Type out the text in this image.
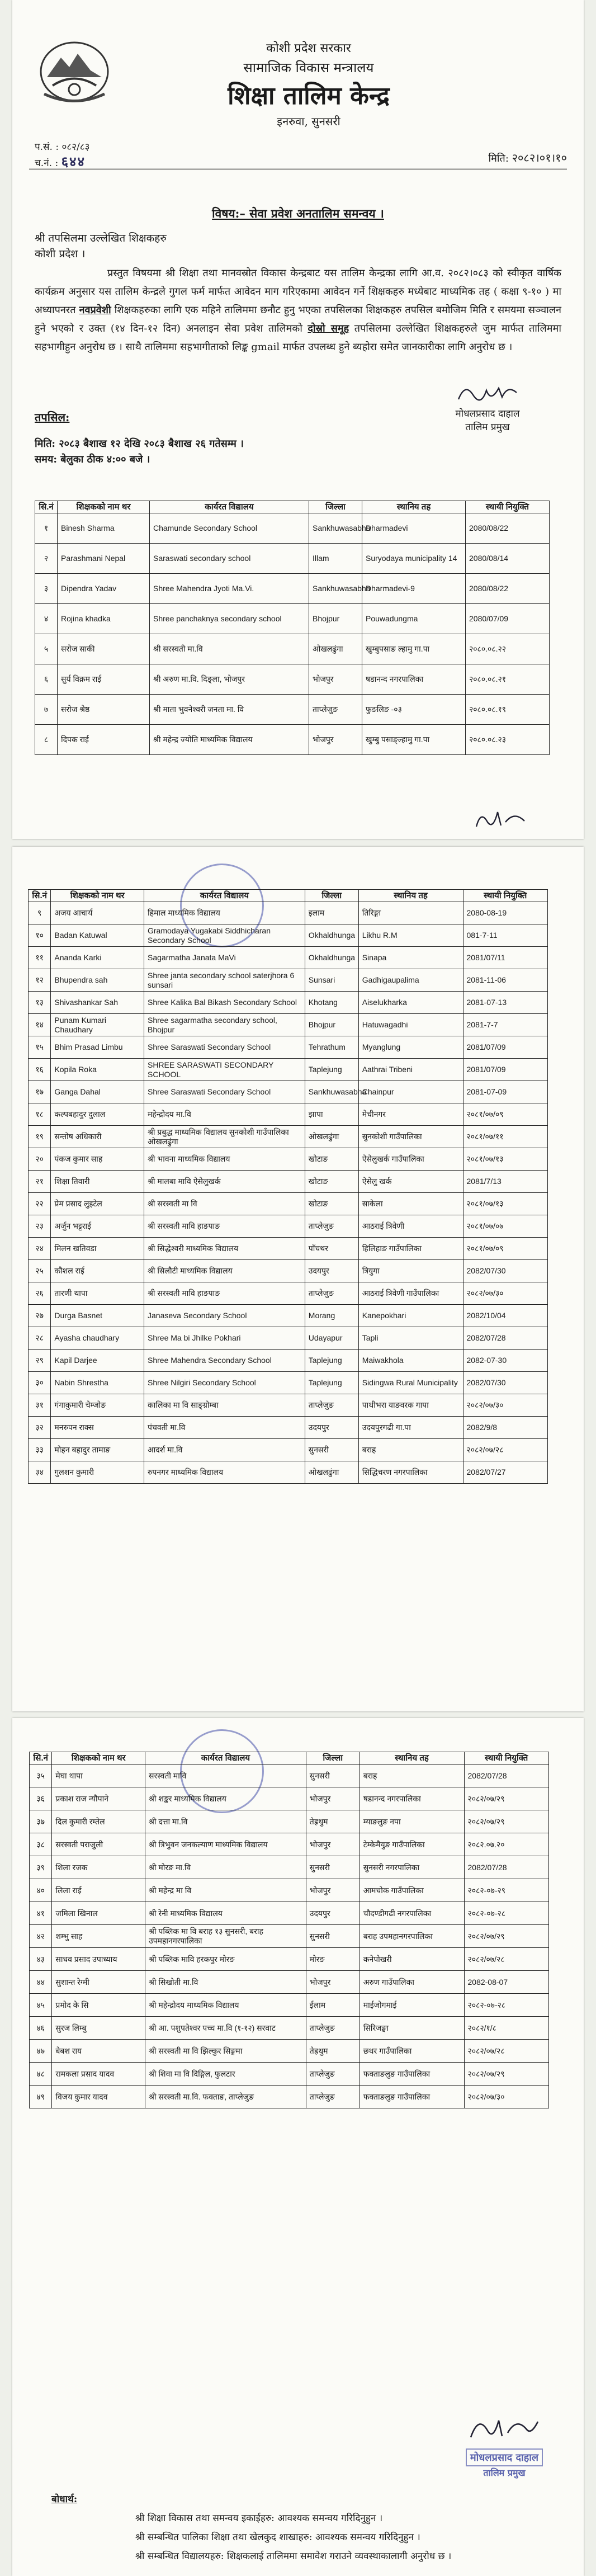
कोशी प्रदेश सरकार
सामाजिक विकास मन्त्रालय
शिक्षा तालिम केन्द्र
इनरुवा, सुनसरी
प.सं. : ०८२/८३
च.नं. : ६४४	मिति: २०८२।०१।१०
विषय:– सेवा प्रवेश अनतालिम समन्वय ।
श्री तपसिलमा उल्लेखित शिक्षकहरु
कोशी प्रदेश ।
प्रस्तुत विषयमा श्री शिक्षा तथा मानवस्रोत विकास केन्द्रबाट यस तालिम केन्द्रका लागि आ.व. २०८२।०८३ को स्वीकृत वार्षिक कार्यक्रम अनुसार यस तालिम केन्द्रले गुगल फर्म मार्फत आवेदन माग गरिएकामा आवेदन गर्ने शिक्षकहरु मध्येबाट माध्यमिक तह ( कक्षा ९-१० ) मा अध्यापनरत नवप्रवेशी शिक्षकहरुका लागि एक महिने तालिममा छनौट हुनु भएका तपसिलका शिक्षकहरु तपसिल बमोजिम मिति र समयमा सञ्चालन हुने भएको र उक्त (१४ दिन-१२ दिन) अनलाइन सेवा प्रवेश तालिमको दोस्रो समूह तपसिलमा उल्लेखित शिक्षकहरुले जुम मार्फत तालिममा सहभागीहुन अनुरोध छ । साथै तालिममा सहभागीताको लिङ्क gmail मार्फत उपलब्ध हुने ब्यहोरा समेत जानकारीका लागि अनुरोध छ ।
मोधलप्रसाद दाहाल
तालिम प्रमुख
तपसिल:
मिति: २०८३ बैशाख १२ देखि २०८३ बैशाख २६ गतेसम्म ।
समय: बेलुका ठीक ४:०० बजे ।
सि.नं	शिक्षकको नाम थर	कार्यरत विद्यालय	जिल्ला	स्थानिय तह	स्थायी नियुक्ति
१	Binesh Sharma	Chamunde Secondary School	Sankhuwasabha	Dharmadevi	2080/08/22
२	Parashmani Nepal	Saraswati secondary school	Illam	Suryodaya municipality 14	2080/08/14
३	Dipendra Yadav	Shree Mahendra Jyoti Ma.Vi.	Sankhuwasabha	Dharmadevi-9	2080/08/22
४	Rojina khadka	Shree panchaknya secondary school	Bhojpur	Pouwadungma	2080/07/09
५	सरोज साकी	श्री सरस्वती मा.वि	ओखलढुंगा	खुम्बुपसाङ ल्हामु गा.पा	२०८०.०८.२२
६	सुर्य विक्रम राई	श्री अरुण मा.वि. दिङ्ला, भोजपुर	भोजपुर	षडानन्द नगरपालिका	२०८०.०८.२१
७	सरोज श्रेष्ठ	श्री माता भुवनेश्वरी जनता मा. वि	ताप्लेजुङ	फुङलिङ -०३	२०८०.०८.१९
८	दिपक राई	श्री महेन्द्र ज्योति माध्यमिक विद्यालय	भोजपुर	खुम्बु पसाङ्ल्हामु गा.पा	२०८०.०८.२३
सि.नं	शिक्षकको नाम थर	कार्यरत विद्यालय	जिल्ला	स्थानिय तह	स्थायी नियुक्ति
९	अजय आचार्य	हिमाल माध्यमिक विद्यालय	इलाम	तिरिङ्गा	2080-08-19
१०	Badan Katuwal	Gramodaya Yugakabi Siddhicharan Secondary School	Okhaldhunga	Likhu R.M	081-7-11
११	Ananda Karki	Sagarmatha Janata MaVi	Okhaldhunga	Sinapa	2081/07/11
१२	Bhupendra sah	Shree janta secondary school saterjhora 6 sunsari	Sunsari	Gadhigaupalima	2081-11-06
१३	Shivashankar Sah	Shree Kalika Bal Bikash Secondary School	Khotang	Aiselukharka	2081-07-13
१४	Punam Kumari Chaudhary	Shree sagarmatha secondary school, Bhojpur	Bhojpur	Hatuwagadhi	2081-7-7
१५	Bhim Prasad Limbu	Shree Saraswati Secondary School	Tehrathum	Myanglung	2081/07/09
१६	Kopila Roka	SHREE SARASWATI SECONDARY SCHOOL	Taplejung	Aathrai Tribeni	2081/07/09
१७	Ganga Dahal	Shree Saraswati Secondary School	Sankhuwasabha	Chainpur	2081-07-09
१८	कल्पबहादुर दुलाल	महेन्द्रोदय मा.वि	झापा	मेचीनगर	२०८१/०७/०९
१९	सन्तोष अधिकारी	श्री प्रबुद्ध माध्यमिक विद्यालय सुनकोशी गाउँपालिका ओखलढुंगा	ओखलढुंगा	सुनकोशी गाउँपालिका	२०८१/०७/११
२०	पंकज कुमार साह	श्री भावना माध्यमिक विद्यालय	खोटाङ	ऐसेलुखर्क गाउँपालिका	२०८१/०७/१३
२१	शिक्षा तिवारी	श्री मालबा मावि ऐसेलुखर्क	खोटाङ	ऐसेलु खर्क	2081/7/13
२२	प्रेम प्रसाद लुइटेल	श्री सरस्वती मा वि	खोटाङ	साकेला	२०८१/०७/१३
२३	अर्जुन भट्टराई	श्री सरस्वती मावि हाङपाङ	ताप्लेजुङ	आठराई त्रिवेणी	२०८१/०७/०७
२४	मिलन खतिवडा	श्री सिद्धेश्वरी माध्यमिक विद्यालय	पाँचथर	हिलिहाङ गाउँपालिका	२०८१/०७/०९
२५	कौशल राई	श्री सिलौटी माध्यमिक विद्यालय	उदयपुर	त्रियुगा	2082/07/30
२६	तारणी थापा	श्री सरस्वती मावि हाङपाङ	ताप्लेजुङ	आठराई त्रिवेणी गाउँपालिका	२०८२/०७/३०
२७	Durga Basnet	Janaseva Secondary School	Morang	Kanepokhari	2082/10/04
२८	Ayasha chaudhary	Shree Ma bi Jhilke Pokhari	Udayapur	Tapli	2082/07/28
२९	Kapil Darjee	Shree Mahendra Secondary School	Taplejung	Maiwakhola	2082-07-30
३०	Nabin Shrestha	Shree Nilgiri Secondary School	Taplejung	Sidingwa Rural Municipality	2082/07/30
३१	गंगाकुमारी चेम्जोङ	कालिका मा वि साङ्ग्रोम्बा	ताप्लेजुङ	पाथीभरा याङवरक गापा	२०८२/०७/३०
३२	मनरुपन राक्स	पंचवती मा.वि	उदयपुर	उदयपुरगढी गा.पा	2082/9/8
३३	मोहन बहादुर तामाङ	आदर्श मा.वि	सुनसरी	बराह	२०८२/०७/२८
३४	गुलशन कुमारी	रुपनगर माध्यमिक विद्यालय	ओखलढुंगा	सिद्धिचरण नगरपालिका	2082/07/27
सि.नं	शिक्षकको नाम थर	कार्यरत विद्यालय	जिल्ला	स्थानिय तह	स्थायी नियुक्ति
३५	मेघा थापा	सरस्वती मावि	सुनसरी	बराह	2082/07/28
३६	प्रकाश राज न्यौपाने	श्री शङ्कर माध्यमिक विद्यालय	भोजपुर	षडानन्द नगरपालिका	२०८२/०७/२९
३७	दिल कुमारी रम्तेल	श्री दत्ता मा.वि	तेह्रथुम	म्याङलुङ नपा	२०८२/०७/२९
३८	सरस्वती पराजुली	श्री त्रिभुवन जनकल्याण माध्यमिक विद्यालय	भोजपुर	टेम्केमैयुङ गाउँपालिका	२०८२.०७.२०
३९	शिला रजक	श्री मोरङ मा.वि	सुनसरी	सुनसरी नगरपालिका	2082/07/28
४०	लिला राई	श्री महेन्द्र मा वि	भोजपुर	आमचोक गाउँपालिका	२०८२-०७-२९
४१	जमिला खिनाल	श्री रेनी माध्यमिक विद्यालय	उदयपुर	चौदण्डीगढी नगरपालिका	२०८२-०७-२८
४२	शम्भु साह	श्री पब्लिक मा वि बराह १३ सुनसरी, बराह उपमहानगरपालिका	सुनसरी	बराह उपमहानगरपालिका	२०८२/०७/२९
४३	साधव प्रसाद उपाध्याय	श्री पब्लिक मावि हरकपुर मोरङ	मोरङ	कनेपोखरी	२०८२/०७/२८
४४	सुशान्त रेग्मी	श्री सिखोती मा.वि	भोजपुर	अरुण गाउँपालिका	2082-08-07
४५	प्रमोद के सि	श्री महेन्द्रोदय माध्यमिक विद्यालय	ईलाम	माईजोगमाई	२०८२-०७-२८
४६	सुरज लिम्बु	श्री आ. पशुपतेश्वर पच्च मा.वि (१-१२) सरवाट	ताप्लेजुङ	सिरिजङ्घा	२०८२/१/८
४७	बेबश राय	श्री सरस्वती मा वि झिल्कुर सिङ्गमा	तेह्रथुम	छथर गाउँपालिका	२०८२/०७/२८
४८	रामकला प्रसाद यादव	श्री शिवा मा वि दिङ्गिल, फुलटार	ताप्लेजुङ	फक्ताङलुङ गाउँपालिका	२०८२/०७/२९
४९	विजय कुमार यादव	श्री सरस्वती मा.वि. फक्ताङ, ताप्लेजुङ	ताप्लेजुङ	फक्ताङलुङ गाउँपालिका	२०८२/०७/३०
मोधलप्रसाद दाहाल
तालिम प्रमुख
बोधार्थ:
श्री शिक्षा विकास तथा समन्वय इकाईहरु: आवश्यक समन्वय गरिदिनुहुन ।
श्री सम्बन्धित पालिका शिक्षा तथा खेलकुद शाखाहरु: आवश्यक समन्वय गरिदिनुहुन ।
श्री सम्बन्धित विद्यालयहरु: शिक्षकलाई तालिममा समावेश गराउने व्यवस्थाकालागी अनुरोध छ ।
